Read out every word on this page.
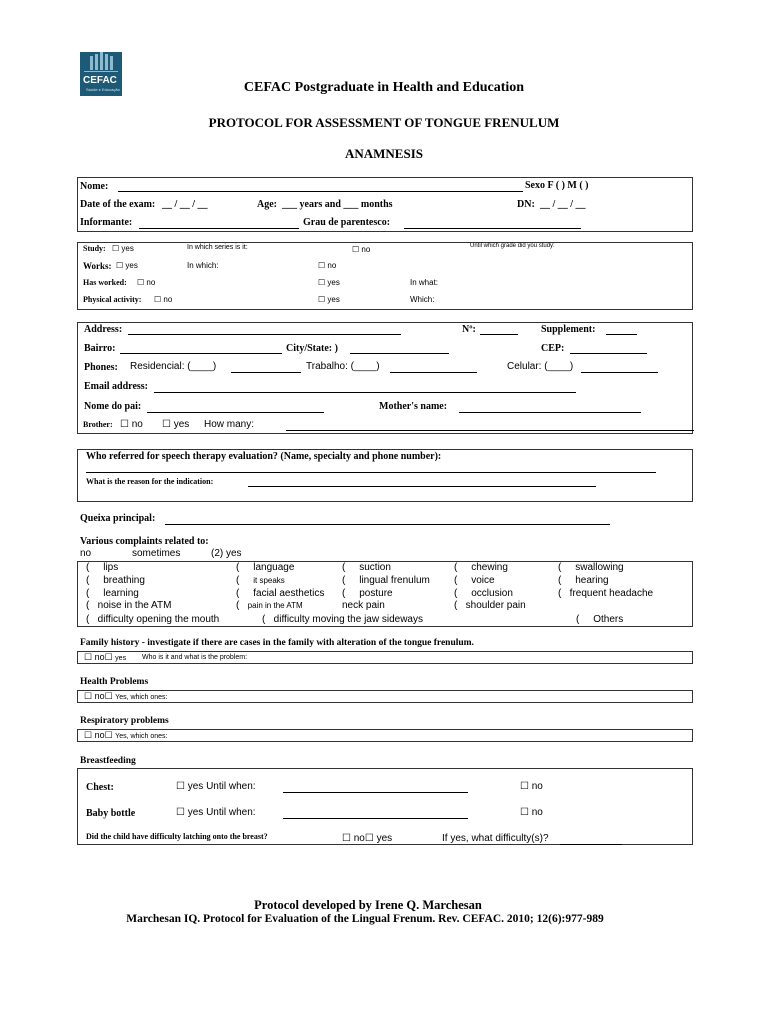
CEFAC
Saúde e Educação	CEFAC Postgraduate in Health and Education
PROTOCOL FOR ASSESSMENT OF TONGUE FRENULUM
ANAMNESIS
Nome:	Sexo F ( ) M ( )
Date of the exam: __ / __ / __	Age: ___ years and ___ months	DN: __ / __ / __
Informante:	Grau de parentesco:
Study: ☐ yes	In which series is it:	☐ no	Until which grade did you study:
Works: ☐ yes	In which:	☐ no
Has worked: ☐ no	☐ yes	In what:
Physical activity: ☐ no	☐ yes	Which:
Address:	Nº:	Supplement:
Bairro:	City/State: )	CEP:
Phones: Residencial: (____)	Trabalho: (____)	Celular: (____)
Email address:
Nome do pai:	Mother's name:
Brother: ☐ no ☐ yes How many:
Who referred for speech therapy evaluation? (Name, specialty and phone number):
What is the reason for the indication:
Queixa principal:
Various complaints related to:
no	sometimes	(2) yes
(     lips	(     language	(     suction	(     chewing	(     swallowing
(     breathing	(     it speaks	(     lingual frenulum (     voice	(     hearing
(     learning	(     facial aesthetics (     posture	(     occlusion	(   frequent headache
(   noise in the ATM	(   pain in the ATM	neck pain	(   shoulder pain
(   difficulty opening the mouth	(   difficulty moving the jaw sideways	(     Others
Family history - investigate if there are cases in the family with alteration of the tongue frenulum.
☐ no☐ yes Who is it and what is the problem:
Health Problems
☐ no☐ Yes, which ones:
Respiratory problems
☐ no☐ Yes, which ones:
Breastfeeding
Chest:	☐ yes Until when:	☐ no
Baby bottle	☐ yes Until when:	☐ no
Did the child have difficulty latching onto the breast?	☐ no☐ yes	If yes, what difficulty(s)?
Protocol developed by Irene Q. Marchesan
Marchesan IQ. Protocol for Evaluation of the Lingual Frenum. Rev. CEFAC. 2010; 12(6):977-989
